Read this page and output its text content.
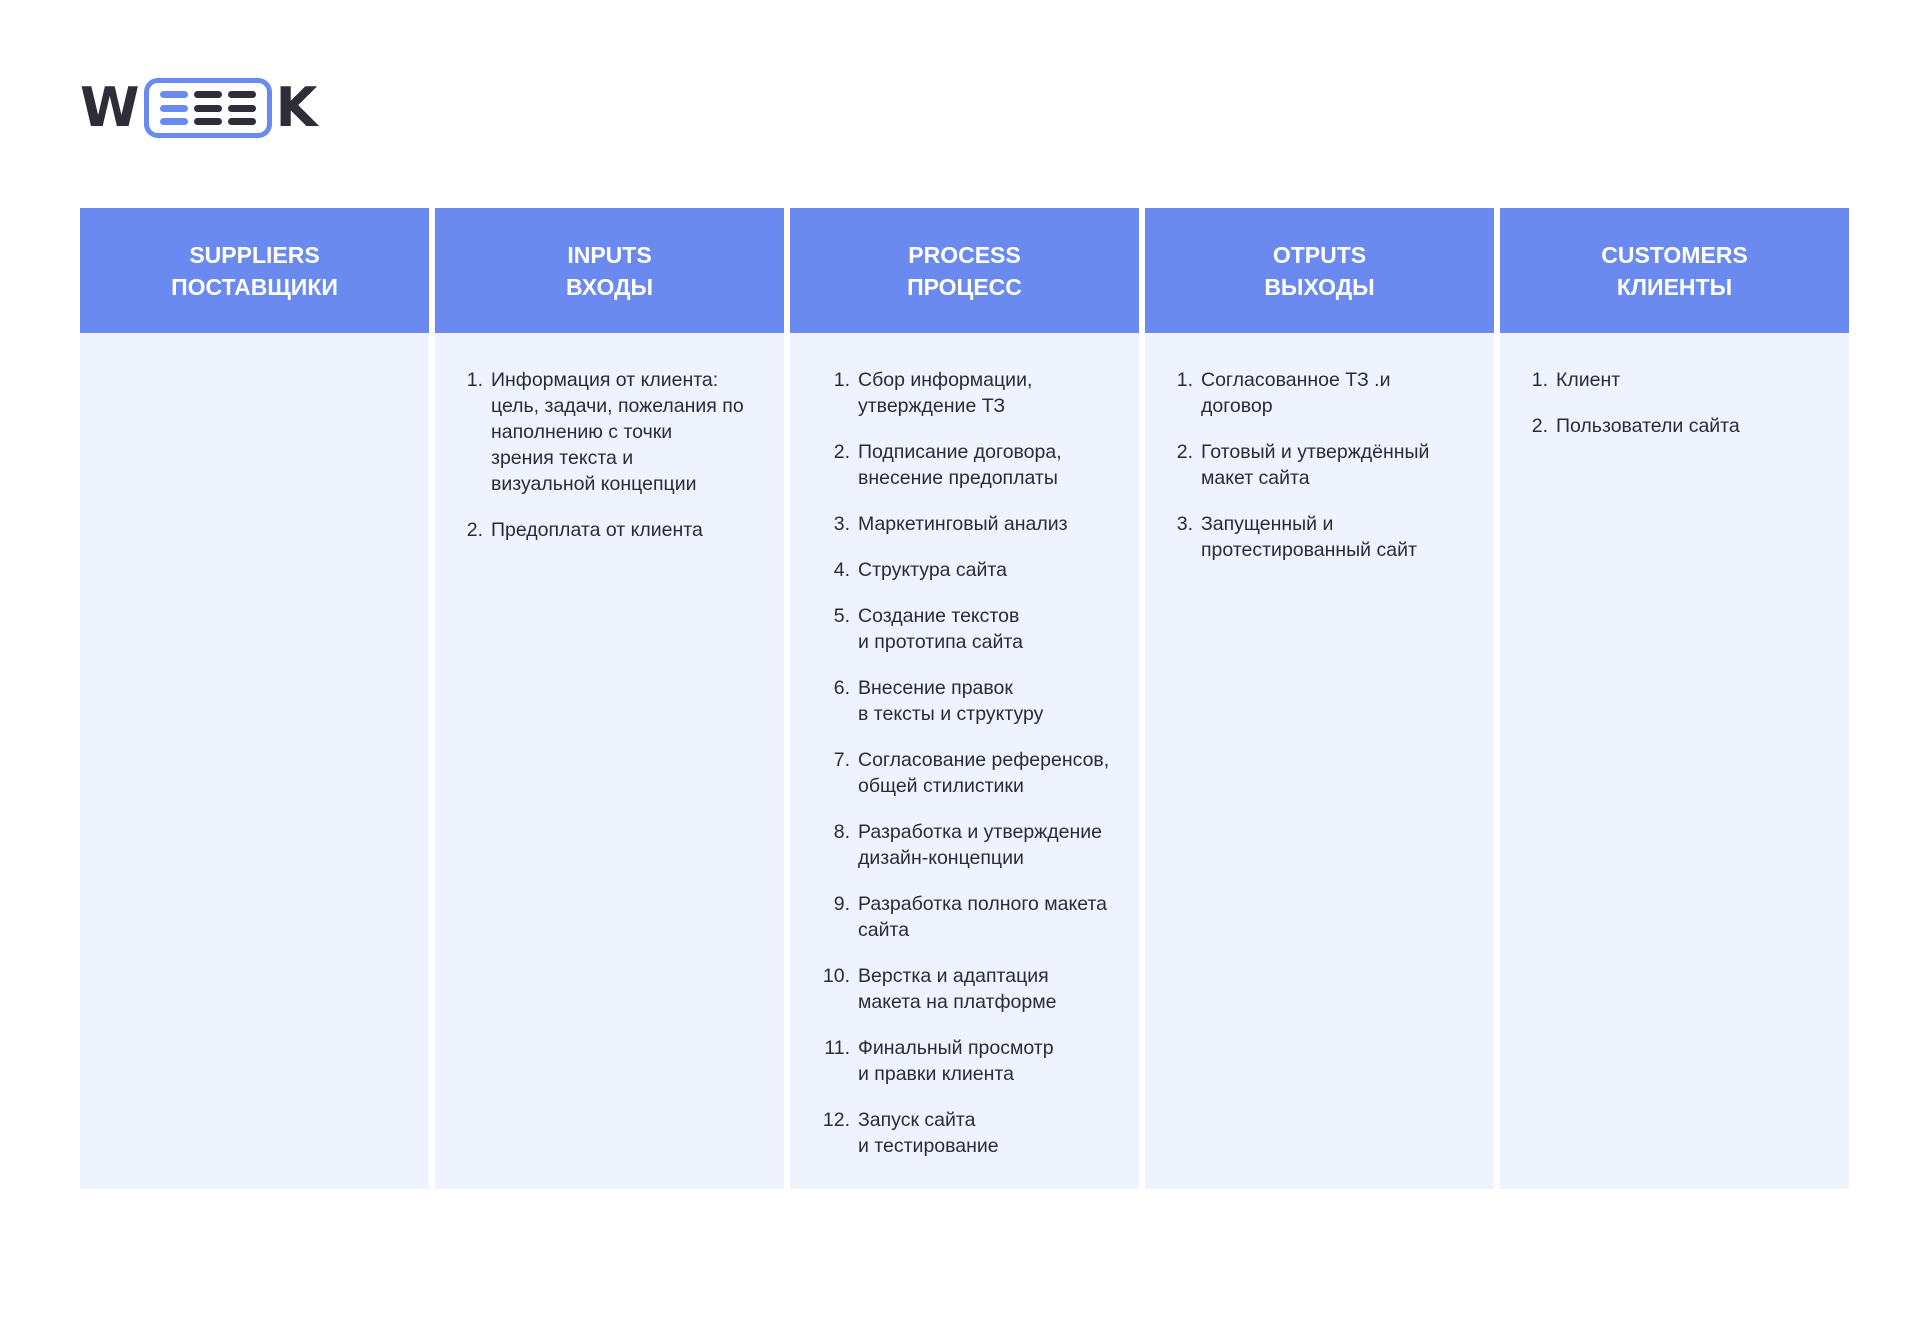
W	K
SUPPLIERS
ПОСТАВЩИКИ
INPUTS
ВХОДЫ
1. Информация от клиента:
цель, задачи, пожелания по
наполнению с точки
зрения текста и
визуальной концепции
2. Предоплата от клиента
PROCESS
ПРОЦЕСС
1. Сбор информации,
утверждение ТЗ
2. Подписание договора,
внесение предоплаты
3. Маркетинговый анализ
4. Структура сайта
5. Создание текстов
и прототипа сайта
6. Внесение правок
в тексты и структуру
7. Согласование референсов,
общей стилистики
8. Разработка и утверждение
дизайн-концепции
9. Разработка полного макета
сайта
10. Верстка и адаптация
макета на платформе
11. Финальный просмотр
и правки клиента
12. Запуск сайта
и тестирование
OTPUTS
ВЫХОДЫ
1. Согласованное ТЗ .и
договор
2. Готовый и утверждённый
макет сайта
3. Запущенный и
протестированный сайт
CUSTOMERS
КЛИЕНТЫ
1. Клиент
2. Пользователи сайта
